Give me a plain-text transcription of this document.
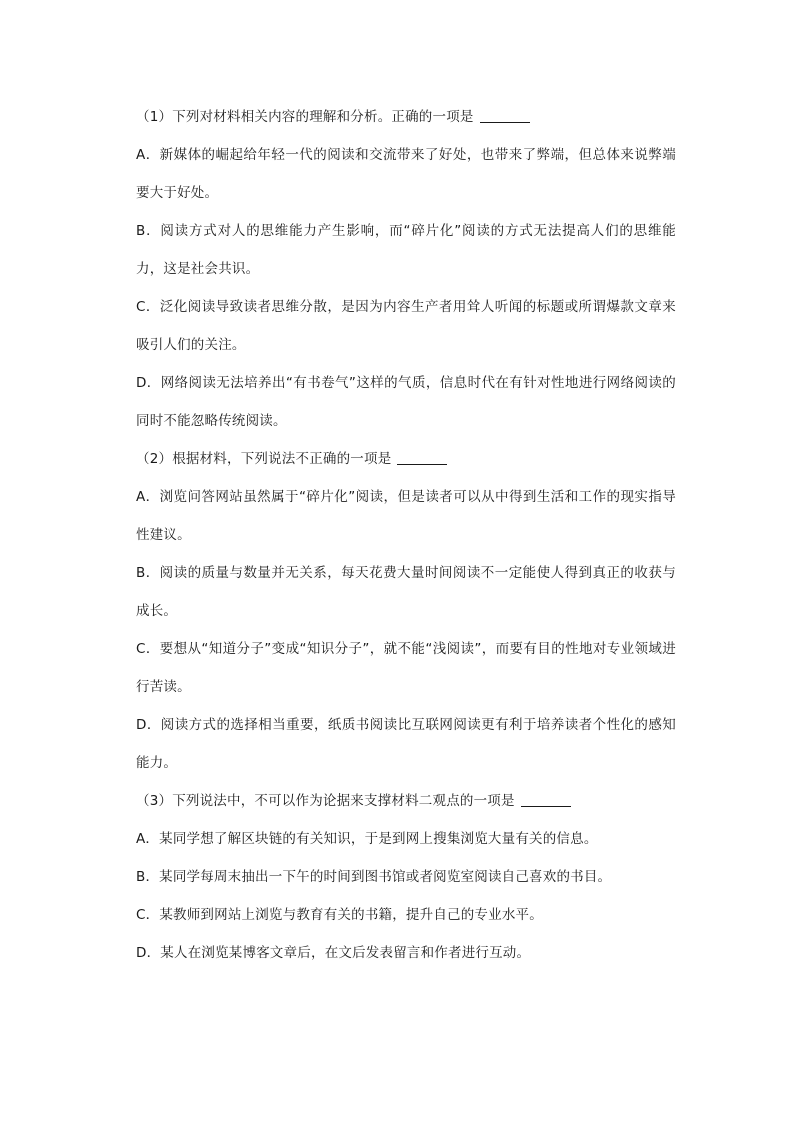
（1）下列对材料相关内容的理解和分析。正确的一项是

A．新媒体的崛起给年轻一代的阅读和交流带来了好处，也带来了弊端，但总体来说弊端要大于好处。

B．阅读方式对人的思维能力产生影响，而“碎片化”阅读的方式无法提高人们的思维能力，这是社会共识。

C．泛化阅读导致读者思维分散，是因为内容生产者用耸人听闻的标题或所谓爆款文章来吸引人们的关注。

D．网络阅读无法培养出“有书卷气”这样的气质，信息时代在有针对性地进行网络阅读的同时不能忽略传统阅读。

（2）根据材料，下列说法不正确的一项是

A．浏览问答网站虽然属于“碎片化”阅读，但是读者可以从中得到生活和工作的现实指导性建议。

B．阅读的质量与数量并无关系，每天花费大量时间阅读不一定能使人得到真正的收获与成长。

C．要想从“知道分子”变成“知识分子”，就不能“浅阅读”，而要有目的性地对专业领域进行苦读。

D．阅读方式的选择相当重要，纸质书阅读比互联网阅读更有利于培养读者个性化的感知能力。

（3）下列说法中，不可以作为论据来支撑材料二观点的一项是

A．某同学想了解区块链的有关知识，于是到网上搜集浏览大量有关的信息。

B．某同学每周末抽出一下午的时间到图书馆或者阅览室阅读自己喜欢的书目。

C．某教师到网站上浏览与教育有关的书籍，提升自己的专业水平。

D．某人在浏览某博客文章后，在文后发表留言和作者进行互动。
